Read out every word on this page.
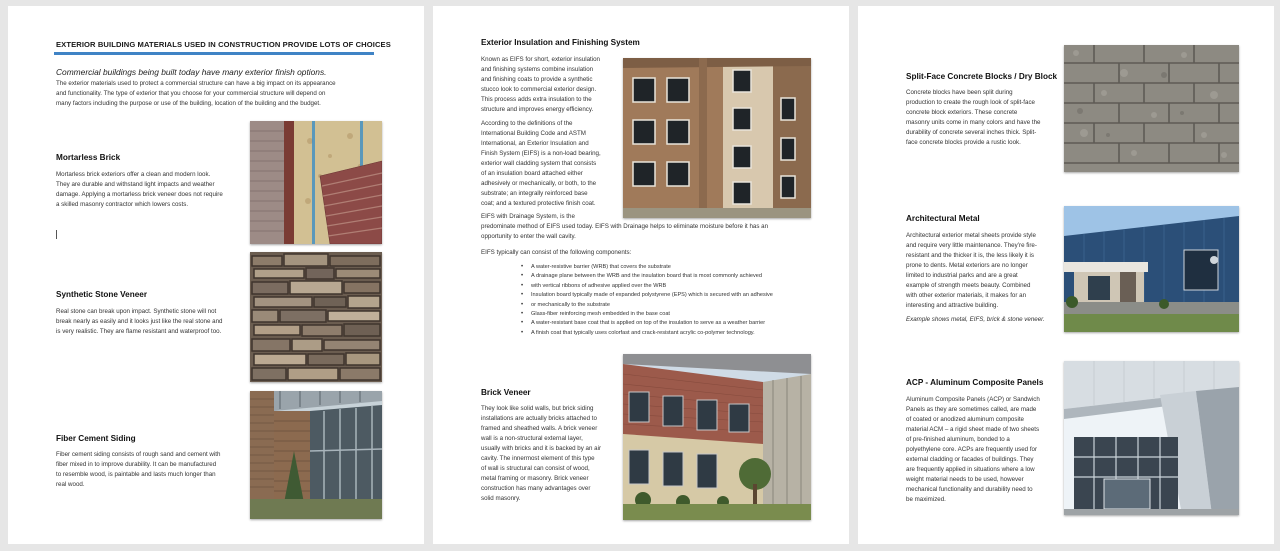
EXTERIOR BUILDING MATERIALS USED IN CONSTRUCTION PROVIDE LOTS OF CHOICES
Commercial buildings being built today have many exterior finish options.
The exterior materials used to protect a commercial structure can have a big impact on its appearance
and functionality. The type of exterior that you choose for your commercial structure will depend on
many factors including the purpose or use of the building, location of the building and the budget.
Mortarless Brick
Mortarless brick exteriors offer a clean and modern look.
They are durable and withstand light impacts and weather
damage. Applying a mortarless brick veneer does not require
a skilled masonry contractor which lowers costs.
Synthetic Stone Veneer
Real stone can break upon impact. Synthetic stone will not
break nearly as easily and it looks just like the real stone and
is very realistic. They are flame resistant and waterproof too.
Fiber Cement Siding
Fiber cement siding consists of rough sand and cement with
fiber mixed in to improve durability. It can be manufactured
to resemble wood, is paintable and lasts much longer than
real wood.
Exterior Insulation and Finishing System
Known as EIFS for short, exterior insulation
and finishing systems combine insulation
and finishing coats to provide a synthetic
stucco look to commercial exterior design.
This process adds extra insulation to the
structure and improves energy efficiency.
According to the definitions of the
International Building Code and ASTM
International, an Exterior Insulation and
Finish System (EIFS) is a non-load bearing,
exterior wall cladding system that consists
of an insulation board attached either
adhesively or mechanically, or both, to the
substrate; an integrally reinforced base
coat; and a textured protective finish coat.
EIFS with Drainage System, is the
predominate method of EIFS used today. EIFS with Drainage helps to eliminate moisture before it has an
opportunity to enter the wall cavity.
EIFS typically can consist of the following components:
• A water-resistive barrier (WRB) that covers the substrate
• A drainage plane between the WRB and the insulation board that is most commonly achieved
• with vertical ribbons of adhesive applied over the WRB
• Insulation board typically made of expanded polystyrene (EPS) which is secured with an adhesive
• or mechanically to the substrate
• Glass-fiber reinforcing mesh embedded in the base coat
• A water-resistant base coat that is applied on top of the insulation to serve as a weather barrier
• A finish coat that typically uses colorfast and crack-resistant acrylic co-polymer technology.
Brick Veneer
They look like solid walls, but brick siding
installations are actually bricks attached to
framed and sheathed walls. A brick veneer
wall is a non-structural external layer,
usually with bricks and it is backed by an air
cavity. The innermost element of this type
of wall is structural can consist of wood,
metal framing or masonry. Brick veneer
construction has many advantages over
solid masonry.
Split-Face Concrete Blocks / Dry Block
Concrete blocks have been split during
production to create the rough look of split-face
concrete block exteriors. These concrete
masonry units come in many colors and have the
durability of concrete several inches thick. Split-
face concrete blocks provide a rustic look.
Architectural Metal
Architectural exterior metal sheets provide style
and require very little maintenance. They’re fire-
resistant and the thicker it is, the less likely it is
prone to dents. Metal exteriors are no longer
limited to industrial parks and are a great
example of strength meets beauty. Combined
with other exterior materials, it makes for an
interesting and attractive building.
Example shows metal, EIFS, brick & stone veneer.
ACP - Aluminum Composite Panels
Aluminum Composite Panels (ACP) or Sandwich
Panels as they are sometimes called, are made
of coated or anodized aluminum composite
material ACM – a rigid sheet made of two sheets
of pre-finished aluminum, bonded to a
polyethylene core. ACPs are frequently used for
external cladding or facades of buildings. They
are frequently applied in situations where a low
weight material needs to be used, however
mechanical functionality and durability need to
be maximized.
